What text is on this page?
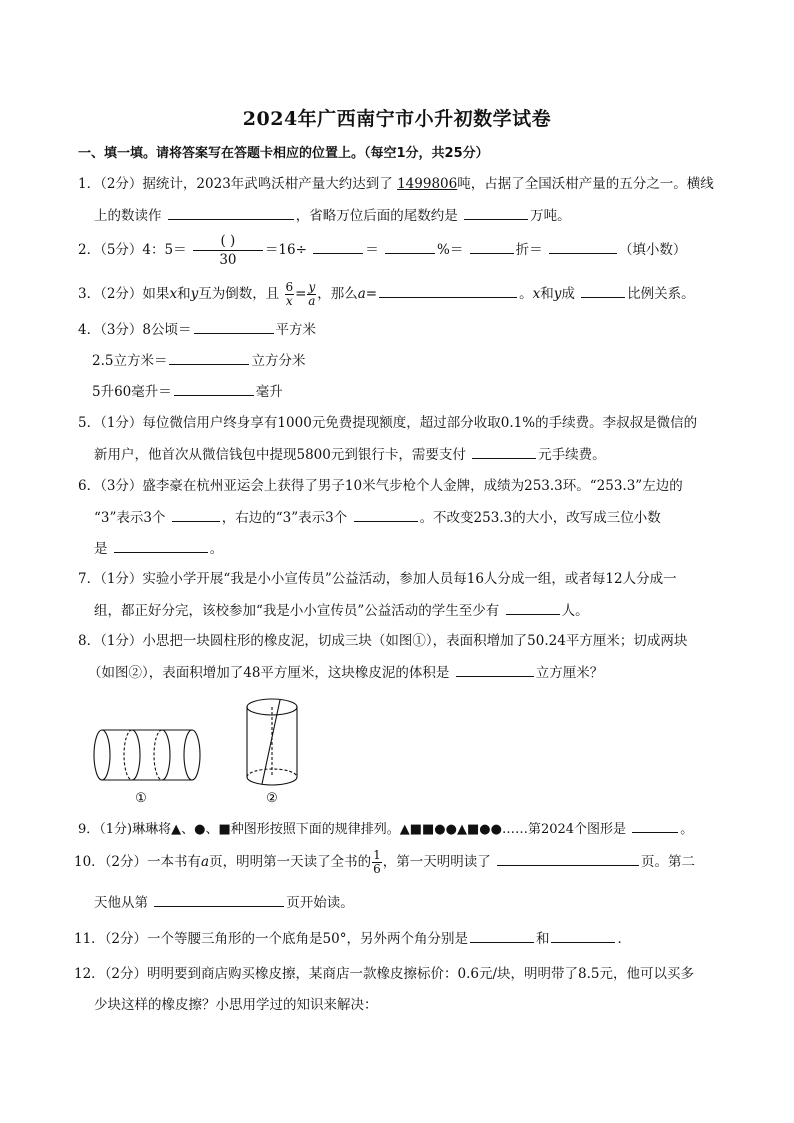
2024年广西南宁市小升初数学试卷
一、填一填。请将答案写在答题卡相应的位置上。（每空1分，共25分）
1．（2分）据统计，2023年武鸣沃柑产量大约达到了 1499806吨，占据了全国沃柑产量的五分之一。横线
上的数读作	，省略万位后面的尾数约是	万吨。
2．（5分）4：5＝
( )
30
＝16÷	＝	%＝	折＝	（填小数）
3．（2分）如果x和y互为倒数，且 $\frac{6}{x} = \frac{y}{a}$ ，那么a=	。x和y成	比例关系。
4．（3分）8公顷＝	平方米
2.5立方米＝	立方分米
5升60毫升＝	毫升
5．（1分）每位微信用户终身享有1000元免费提现额度，超过部分收取0.1%的手续费。李叔叔是微信的
新用户，他首次从微信钱包中提现5800元到银行卡，需要支付	元手续费。
6．（3分）盛李豪在杭州亚运会上获得了男子10米气步枪个人金牌，成绩为253.3环。“253.3”左边的
“3”表示3个	，右边的“3”表示3个	。不改变253.3的大小，改写成三位小数
是	。
7．（1分）实验小学开展“我是小小宣传员”公益活动，参加人员每16人分成一组，或者每12人分成一
组，都正好分完，该校参加“我是小小宣传员”公益活动的学生至少有	人。
8．（1分）小思把一块圆柱形的橡皮泥，切成三块（如图①），表面积增加了50.24平方厘米；切成两块
（如图②），表面积增加了48平方厘米，这块橡皮泥的体积是	立方厘米？
①	②
9．（1分)琳琳将▲、●、■种图形按照下面的规律排列。▲■■●●▲■●●……第2024个图形是	。
10．（2分）一本书有a页，明明第一天读了全书的 $\frac{1}{6}$ ，第一天明明读了	页。第二
天他从第	页开始读。
11．（2分）一个等腰三角形的一个底角是50°，另外两个角分别是	和	．
12．（2分）明明要到商店购买橡皮擦，某商店一款橡皮擦标价：0.6元/块，明明带了8.5元，他可以买多
少块这样的橡皮擦？小思用学过的知识来解决：
